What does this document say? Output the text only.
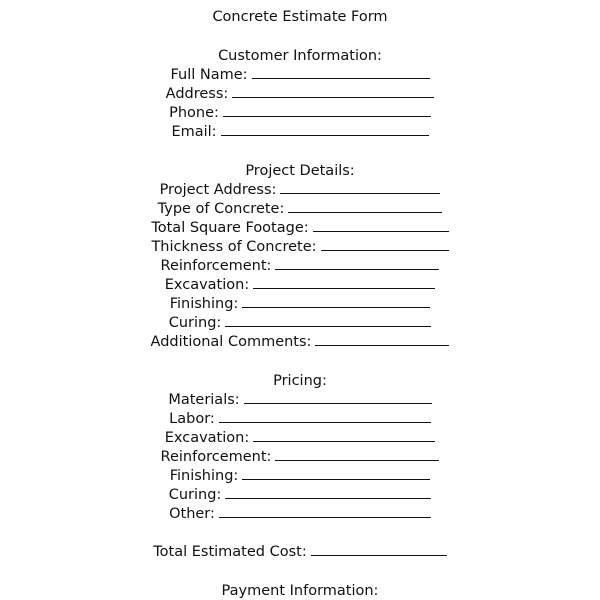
Concrete Estimate Form
Customer Information:
Full Name:
Address:
Phone:
Email:
Project Details:
Project Address:
Type of Concrete:
Total Square Footage:
Thickness of Concrete:
Reinforcement:
Excavation:
Finishing:
Curing:
Additional Comments:
Pricing:
Materials:
Labor:
Excavation:
Reinforcement:
Finishing:
Curing:
Other:
Total Estimated Cost:
Payment Information:
